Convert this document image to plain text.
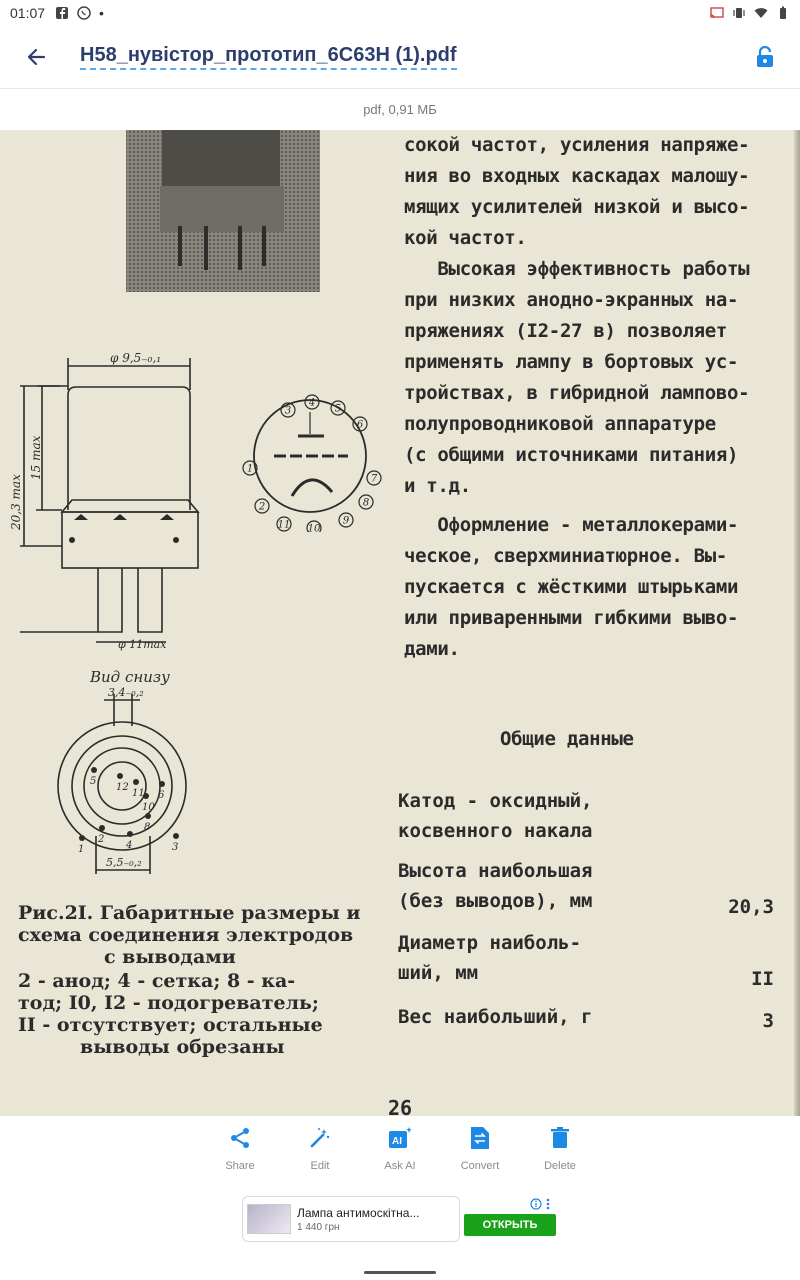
01:07	•
Н58_нувістор_прототип_6С63Н (1).pdf
pdf, 0,91 МБ
φ 9,5₋₀,₁
φ 11max
20,3 max
15 max
Вид снизу
1
2
3
4
5
6
7
8
9
10
11
1
2
3
4
5
6
8
10
11
12
3,4₋₀,₂
5,5₋₀,₂
Рис.2I. Габаритные размеры и
схема соединения электродов
с выводами
2 - анод; 4 - сетка; 8 - ка-
тод; I0, I2 - подогреватель;
II - отсутствует; остальные
выводы обрезаны
сокой частот, усиления напряже-
ния во входных каскадах малошу-
мящих усилителей низкой и высо-
кой частот.
Высокая эффективность работы
при низких анодно-экранных на-
пряжениях (I2-27 в) позволяет
применять лампу в бортовых ус-
тройствах, в гибридной лампово-
полупроводниковой аппаратуре
(с общими источниками питания)
и т.д.
Оформление - металлокерами-
ческое, сверхминиатюрное. Вы-
пускается с жёсткими штырьками
или приваренными гибкими выво-
дами.
Общие данные
Катод - оксидный,
косвенного накала
Высота наибольшая
(без выводов), мм	20,3
Диаметр наиболь-
ший, мм	II
Вес наибольший, г	3
26
Share	Edit
AI
Ask AI	Convert	Delete
Лампа антимоскітна...
1 440 грн	ОТКРЫТЬ
